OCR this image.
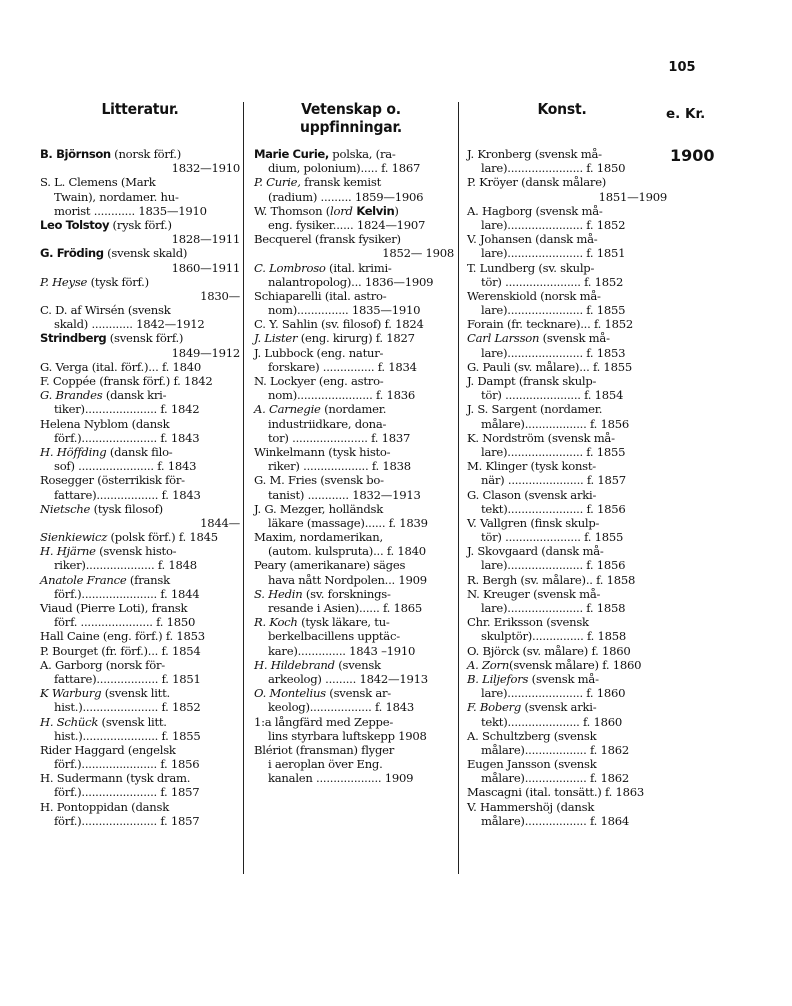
105
Litteratur.	Vetenskap o. uppfinningar.
Konst.	e. Kr.
1900
B. Björnson (norsk förf.)
1832—1910
S. L. Clemens (Mark
Twain), nordamer. hu-
morist ............ 1835—1910
Leo Tolstoy (rysk förf.)
1828—1911
G. Fröding (svensk skald)
1860—1911
P. Heyse (tysk förf.)
1830—
C. D. af Wirsén (svensk
skald) ............ 1842—1912
Strindberg (svensk förf.)
1849—1912
G. Verga (ital. förf.)... f. 1840
F. Coppée (fransk förf.) f. 1842
G. Brandes (dansk kri-
tiker)..................... f. 1842
Helena Nyblom (dansk
förf.)...................... f. 1843
H. Höffding (dansk filo-
sof) ...................... f. 1843
Rosegger (österrikisk för-
fattare).................. f. 1843
Nietsche (tysk filosof)
1844—
Sienkiewicz (polsk förf.) f. 1845
H. Hjärne (svensk histo-
riker).................... f. 1848
Anatole France (fransk
förf.)...................... f. 1844
Viaud (Pierre Loti), fransk
förf. ..................... f. 1850
Hall Caine (eng. förf.) f. 1853
P. Bourget (fr. förf.)... f. 1854
A. Garborg (norsk för-
fattare).................. f. 1851
K Warburg (svensk litt.
hist.)...................... f. 1852
H. Schück (svensk litt.
hist.)...................... f. 1855
Rider Haggard (engelsk
förf.)...................... f. 1856
H. Sudermann (tysk dram.
förf.)...................... f. 1857
H. Pontoppidan (dansk
förf.)...................... f. 1857
Marie Curie, polska, (ra-
dium, polonium)..... f. 1867
P. Curie, fransk kemist
(radium) ......... 1859—1906
W. Thomson (lord Kelvin)
eng. fysiker...... 1824—1907
Becquerel (fransk fysiker)
1852— 1908
C. Lombroso (ital. krimi-
nalantropolog)... 1836—1909
Schiaparelli (ital. astro-
nom)............... 1835—1910
C. Y. Sahlin (sv. filosof) f. 1824
J. Lister (eng. kirurg) f. 1827
J. Lubbock (eng. natur-
forskare) ............... f. 1834
N. Lockyer (eng. astro-
nom)...................... f. 1836
A. Carnegie (nordamer.
industriidkare, dona-
tor) ...................... f. 1837
Winkelmann (tysk histo-
riker) ................... f. 1838
G. M. Fries (svensk bo-
tanist) ............ 1832—1913
J. G. Mezger, holländsk
läkare (massage)...... f. 1839
Maxim, nordamerikan,
(autom. kulspruta)... f. 1840
Peary (amerikanare) säges
hava nått Nordpolen... 1909
S. Hedin (sv. forsknings-
resande i Asien)...... f. 1865
R. Koch (tysk läkare, tu-
berkelbacillens upptäc-
kare).............. 1843 –1910
H. Hildebrand (svensk
arkeolog) ......... 1842—1913
O. Montelius (svensk ar-
keolog).................. f. 1843
1:a långfärd med Zeppe-
lins styrbara luftskepp 1908
Blériot (fransman) flyger
i aeroplan över Eng.
kanalen ................... 1909
J. Kronberg (svensk må-
lare)...................... f. 1850
P. Kröyer (dansk målare)
1851—1909
A. Hagborg (svensk må-
lare)...................... f. 1852
V. Johansen (dansk må-
lare)...................... f. 1851
T. Lundberg (sv. skulp-
tör) ...................... f. 1852
Werenskiold (norsk må-
lare)...................... f. 1855
Forain (fr. tecknare)... f. 1852
Carl Larsson (svensk må-
lare)...................... f. 1853
G. Pauli (sv. målare)... f. 1855
J. Dampt (fransk skulp-
tör) ...................... f. 1854
J. S. Sargent (nordamer.
målare).................. f. 1856
K. Nordström (svensk må-
lare)...................... f. 1855
M. Klinger (tysk konst-
när) ...................... f. 1857
G. Clason (svensk arki-
tekt)...................... f. 1856
V. Vallgren (finsk skulp-
tör) ...................... f. 1855
J. Skovgaard (dansk må-
lare)...................... f. 1856
R. Bergh (sv. målare).. f. 1858
N. Kreuger (svensk må-
lare)...................... f. 1858
Chr. Eriksson (svensk
skulptör)............... f. 1858
O. Björck (sv. målare) f. 1860
A. Zorn(svensk målare) f. 1860
B. Liljefors (svensk må-
lare)...................... f. 1860
F. Boberg (svensk arki-
tekt)..................... f. 1860
A. Schultzberg (svensk
målare).................. f. 1862
Eugen Jansson (svensk
målare).................. f. 1862
Mascagni (ital. tonsätt.) f. 1863
V. Hammershöj (dansk
målare).................. f. 1864
